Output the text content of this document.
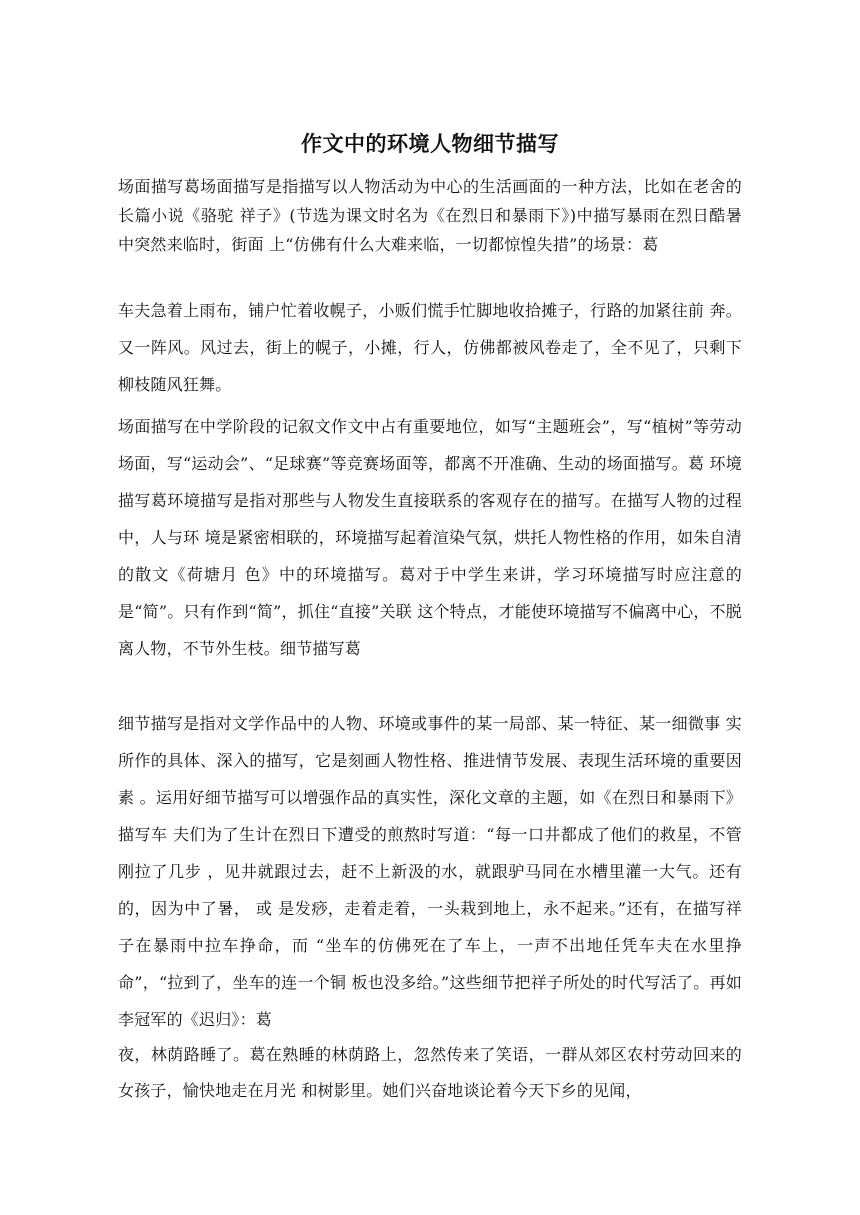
作文中的环境人物细节描写
场面描写葛场面描写是指描写以人物活动为中心的生活画面的一种方法，比如在老舍的长篇小说《骆驼 祥子》(节选为课文时名为《在烈日和暴雨下》)中描写暴雨在烈日酷暑中突然来临时，街面 上“仿佛有什么大难来临，一切都惊惶失措”的场景：葛
车夫急着上雨布，铺户忙着收幌子，小贩们慌手忙脚地收拾摊子，行路的加紧往前 奔。又一阵风。风过去，街上的幌子，小摊，行人，仿佛都被风卷走了，全不见了，只剩下 柳枝随风狂舞。
场面描写在中学阶段的记叙文作文中占有重要地位，如写“主题班会”，写“植树”等劳动 场面，写“运动会”、“足球赛”等竞赛场面等，都离不开准确、生动的场面描写。葛 环境描写葛环境描写是指对那些与人物发生直接联系的客观存在的描写。在描写人物的过程中，人与环 境是紧密相联的，环境描写起着渲染气氛，烘托人物性格的作用，如朱自清的散文《荷塘月 色》中的环境描写。葛对于中学生来讲，学习环境描写时应注意的是“简”。只有作到“简”，抓住“直接”关联 这个特点，才能使环境描写不偏离中心，不脱离人物，不节外生枝。细节描写葛
细节描写是指对文学作品中的人物、环境或事件的某一局部、某一特征、某一细微事 实所作的具体、深入的描写，它是刻画人物性格、推进情节发展、表现生活环境的重要因素 。运用好细节描写可以增强作品的真实性，深化文章的主题，如《在烈日和暴雨下》描写车 夫们为了生计在烈日下遭受的煎熬时写道：“每一口井都成了他们的救星，不管刚拉了几步 ，见井就跟过去，赶不上新汲的水，就跟驴马同在水槽里灌一大气。还有的，因为中了暑， 或 是发痧，走着走着，一头栽到地上，永不起来。”还有，在描写祥子在暴雨中拉车挣命，而 “坐车的仿佛死在了车上，一声不出地任凭车夫在水里挣命”，“拉到了，坐车的连一个铜 板也没多给。”这些细节把祥子所处的时代写活了。再如李冠军的《迟归》：葛
夜，林荫路睡了。葛在熟睡的林荫路上，忽然传来了笑语，一群从郊区农村劳动回来的女孩子，愉快地走在月光 和树影里。她们兴奋地谈论着今天下乡的见闻，
